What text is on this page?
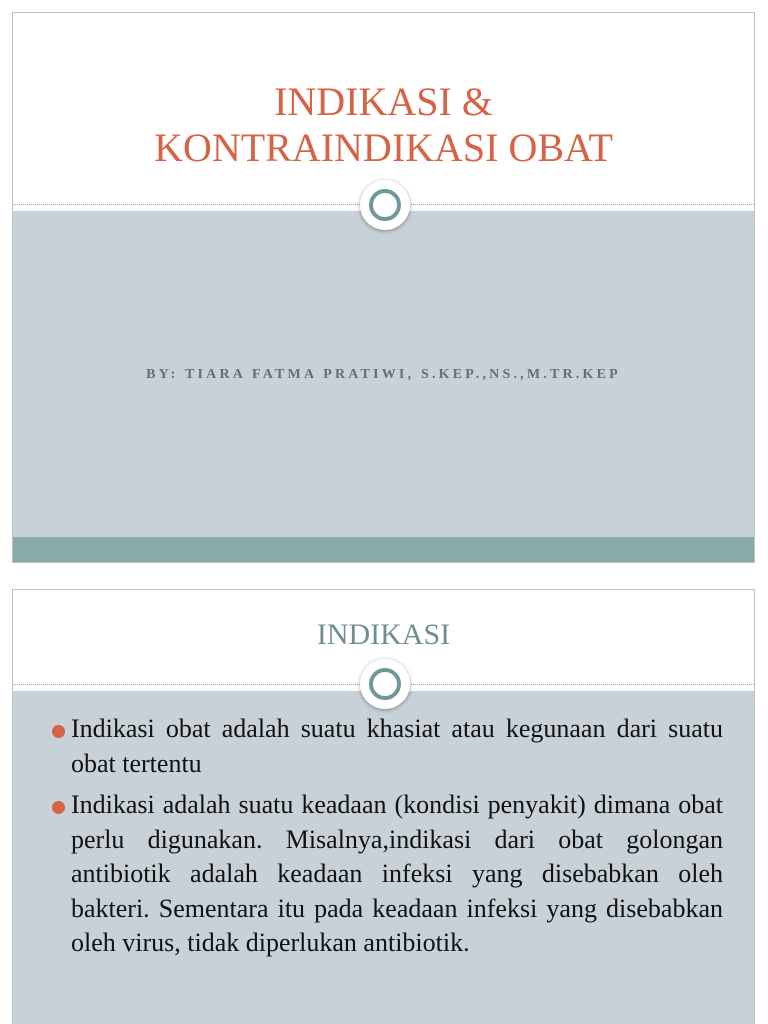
INDIKASI &
KONTRAINDIKASI OBAT
BY: TIARA FATMA PRATIWI, S.KEP.,NS.,M.TR.KEP
INDIKASI
Indikasi obat adalah suatu khasiat atau kegunaan dari suatu obat tertentu
Indikasi adalah suatu keadaan (kondisi penyakit) dimana obat perlu digunakan. Misalnya,indikasi dari obat golongan antibiotik adalah keadaan infeksi yang disebabkan oleh bakteri. Sementara itu pada keadaan infeksi yang disebabkan oleh virus, tidak diperlukan antibiotik.
